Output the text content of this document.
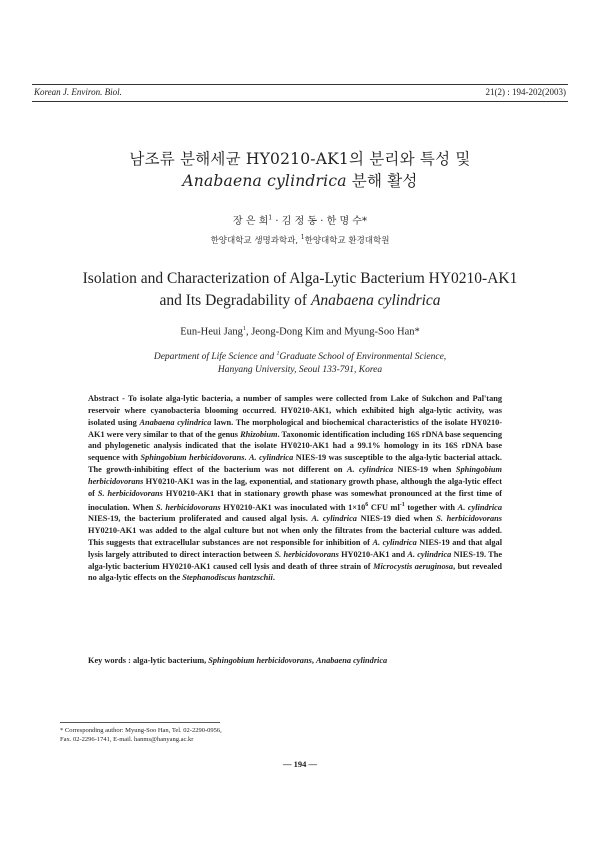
Korean J. Environ. Biol.	21(2) : 194-202(2003)
남조류 분해세균 HY0210-AK1의 분리와 특성 및
Anabaena cylindrica 분해 활성
장 은 희$^1$ · 김 정 동 · 한 명 수*
한양대학교 생명과학과, $^1$한양대학교 환경대학원
Isolation and Characterization of Alga-Lytic Bacterium HY0210-AK1
and Its Degradability of Anabaena cylindrica
Eun-Heui Jang$^1$, Jeong-Dong Kim and Myung-Soo Han*
Department of Life Science and $^1$Graduate School of Environmental Science,
Hanyang University, Seoul 133-791, Korea
Abstract - To isolate alga-lytic bacteria, a number of samples were collected from Lake of Sukchon and Pal'tang reservoir where cyanobacteria blooming occurred. HY0210-AK1, which exhibited high alga-lytic activity, was isolated using Anabaena cylindrica lawn. The morphological and biochemical characteristics of the isolate HY0210-AK1 were very similar to that of the genus Rhizobium. Taxonomic identification including 16S rDNA base sequencing and phylogenetic analysis indicated that the isolate HY0210-AK1 had a 99.1% homology in its 16S rDNA base sequence with Sphingobium herbicidovorans. A. cylindrica NIES-19 was susceptible to the alga-lytic bacterial attack. The growth-inhibiting effect of the bacterium was not different on A. cylindrica NIES-19 when Sphingobium herbicidovorans HY0210-AK1 was in the lag, exponential, and stationary growth phase, although the alga-lytic effect of S. herbicidovorans HY0210-AK1 that in stationary growth phase was somewhat pronounced at the first time of inoculation. When S. herbicidovorans HY0210-AK1 was inoculated with $1\times 10^6$ CFU $ml^{-1}$ together with A. cylindrica NIES-19, the bacterium proliferated and caused algal lysis. A. cylindrica NIES-19 died when S. herbicidovorans HY0210-AK1 was added to the algal culture but not when only the filtrates from the bacterial culture was added. This suggests that extracellular substances are not responsible for inhibition of A. cylindrica NIES-19 and that algal lysis largely attributed to direct interaction between S. herbicidovorans HY0210-AK1 and A. cylindrica NIES-19. The alga-lytic bacterium HY0210-AK1 caused cell lysis and death of three strain of Microcystis aeruginosa, but revealed no alga-lytic effects on the Stephanodiscus hantzschii.
Key words : alga-lytic bacterium, Sphingobium herbicidovorans, Anabaena cylindrica
* Corresponding author: Myung-Soo Han, Tel. 02-2290-0956,
Fax. 02-2296-1741, E-mail. hanms@hanyang.ac.kr
— 194 —
